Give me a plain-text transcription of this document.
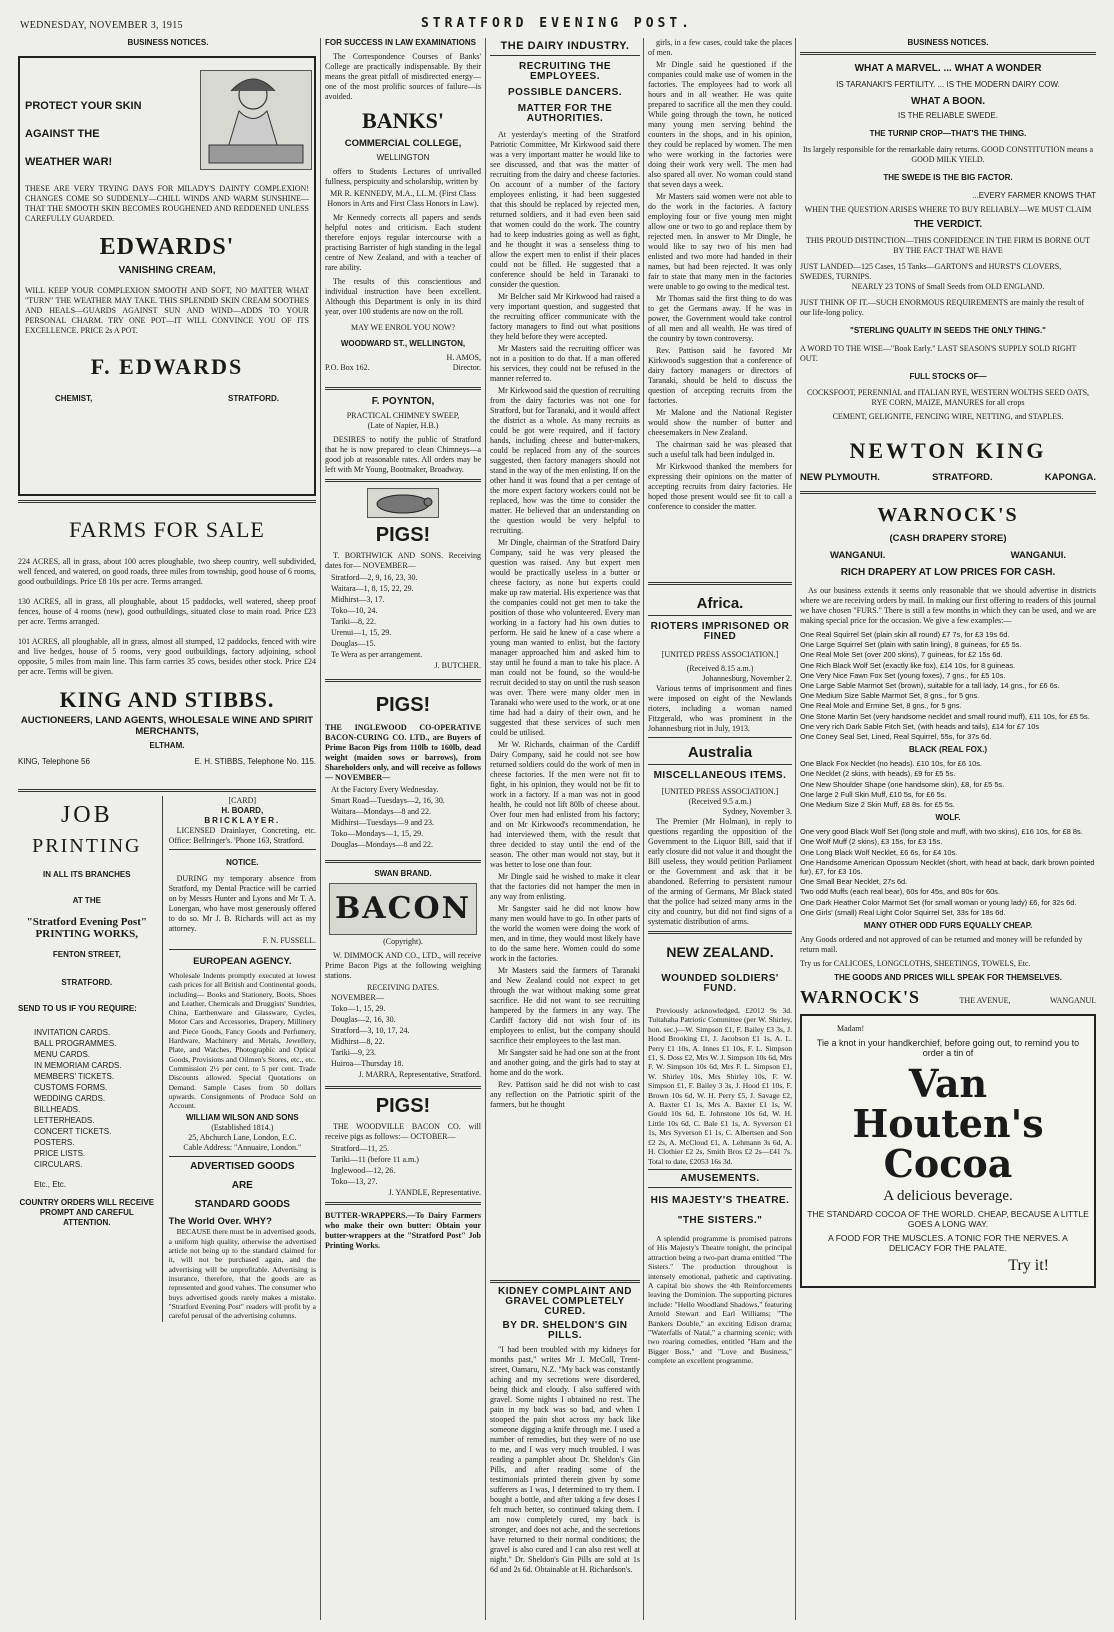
WEDNESDAY, NOVEMBER 3, 1915	STRATFORD EVENING POST.
BUSINESS NOTICES.
PROTECT YOUR SKIN
AGAINST THE
WEATHER WAR!

THESE ARE VERY TRYING DAYS FOR MILADY'S DAINTY COMPLEXION! CHANGES COME SO SUDDENLY—CHILL WINDS AND WARM SUNSHINE—THAT THE SMOOTH SKIN BECOMES ROUGHENED AND REDDENED UNLESS CAREFULLY GUARDED.

EDWARDS'
VANISHING CREAM,

WILL KEEP YOUR COMPLEXION SMOOTH AND SOFT, NO MATTER WHAT "TURN" THE WEATHER MAY TAKE. THIS SPLENDID SKIN CREAM SOOTHES AND HEALS—GUARDS AGAINST SUN AND WIND—ADDS TO YOUR PERSONAL CHARM. TRY ONE POT—IT WILL CONVINCE YOU OF ITS EXCELLENCE. PRICE 2s A POT.

F. EDWARDS
CHEMIST,	STRATFORD.
FARMS FOR SALE

224 ACRES, all in grass, about 100 acres ploughable, two sheep country, well subdivided, well fenced, and watered, on good roads, three miles from township, good house of 6 rooms, good outbuildings. Price £8 10s per acre. Terms arranged.

130 ACRES, all in grass, all ploughable, about 15 paddocks, well watered, sheep proof fences, house of 4 rooms (new), good outbuildings, situated close to main road. Price £23 per acre. Terms arranged.

101 ACRES, all ploughable, all in grass, almost all stumped, 12 paddocks, fenced with wire and live hedges, house of 5 rooms, very good outbuildings, factory adjoining, school opposite, 5 miles from main line. This farm carries 35 cows, besides other stock. Price £24 per acre. Terms will be given.

KING AND STIBBS.
AUCTIONEERS, LAND AGENTS, WHOLESALE WINE AND SPIRIT MERCHANTS,
ELTHAM.
KING, Telephone 56	E. H. STIBBS, Telephone No. 115.
JOB
PRINTING
IN ALL ITS BRANCHES
AT THE
"Stratford Evening Post" PRINTING WORKS,
FENTON STREET,
STRATFORD.
SEND TO US IF YOU REQUIRE:
INVITATION CARDS.
BALL PROGRAMMES.
MENU CARDS.
IN MEMORIAM CARDS.
MEMBERS' TICKETS.
CUSTOMS FORMS.
WEDDING CARDS.
BILLHEADS.
LETTERHEADS.
CONCERT TICKETS.
POSTERS.
PRICE LISTS.
CIRCULARS.
Etc., Etc.
COUNTRY ORDERS WILL RECEIVE PROMPT AND CAREFUL ATTENTION.
[CARD]
H. BOARD,
BRICKLAYER.

LICENSED Drainlayer, Concreting, etc. Office: Bellringer's. 'Phone 163, Stratford.

NOTICE.

DURING my temporary absence from Stratford, my Dental Practice will be carried on by Messrs Hunter and Lyons and Mr T. A. Lonergan, who have most generously offered to do so. Mr J. B. Richards will act as my attorney.

F. N. FUSSELL.
EUROPEAN AGENCY.

Wholesale Indents promptly executed at lowest cash prices for all British and Continental goods, including— Books and Stationery, Boots, Shoes and Leather, Chemicals and Druggists' Sundries, China, Earthenware and Glassware, Cycles, Motor Cars and Accessories, Drapery, Millinery and Piece Goods, Fancy Goods and Perfumery, Hardware, Machinery and Metals, Jewellery, Plate, and Watches, Photographic and Optical Goods, Provisions and Oilmen's Stores, etc., etc. Commission 2½ per cent. to 5 per cent. Trade Discounts allowed. Special Quotations on Demand. Sample Cases from 50 dollars upwards. Consignments of Produce Sold on Account.

WILLIAM WILSON AND SONS
(Established 1814.)
25, Abchurch Lane, London, E.C.
Cable Address: "Annuaire, London."
ADVERTISED GOODS
ARE
STANDARD GOODS
The World Over. WHY?

BECAUSE there must be in advertised goods, a uniform high quality, otherwise the advertised article not being up to the standard claimed for it, will not be purchased again, and the advertising will be unprofitable. Advertising is insurance, therefore, that the goods are as represented and good values. The consumer who buys advertised goods rarely makes a mistake. "Stratford Evening Post" readers will profit by a careful perusal of the advertising columns.

FOR SUCCESS IN LAW EXAMINATIONS

The Correspondence Courses of Banks' College are practically indispensable. By their means the great pitfall of misdirected energy—one of the most prolific sources of failure—is avoided.

BANKS'
COMMERCIAL COLLEGE,
WELLINGTON

offers to Students Lectures of unrivalled fullness, perspicuity and scholarship, written by

MR R. KENNEDY, M.A., LL.M. (First Class Honors in Arts and First Class Honors in Law).

Mr Kennedy corrects all papers and sends helpful notes and criticism. Each student therefore enjoys regular intercourse with a practising Barrister of high standing in the legal centre of New Zealand, and with a teacher of rare ability.

The results of this conscientious and individual instruction have been excellent. Although this Department is only in its third year, over 100 students are now on the roll.

MAY WE ENROL YOU NOW?
WOODWARD ST., WELLINGTON,
H. AMOS,
P.O. Box 162.	Director.
F. POYNTON,
PRACTICAL CHIMNEY SWEEP,
(Late of Napier, H.B.)

DESIRES to notify the public of Stratford that he is now prepared to clean Chimneys—a good job at reasonable rates. All orders may be left with Mr Young, Bootmaker, Broadway.

PIGS!

T. BORTHWICK AND SONS. Receiving dates for— NOVEMBER—

Stratford—2, 9, 16, 23, 30.
Waitara—1, 8, 15, 22, 29.
Midhirst—3, 17.
Toko—10, 24.
Tariki—8, 22.
Urenui—1, 15, 29.
Douglas—15.
Te Wera as per arrangement.
J. BUTCHER.
PIGS!

THE INGLEWOOD CO-OPERATIVE BACON-CURING CO. LTD., are Buyers of Prime Bacon Pigs from 110lb to 160lb, dead weight (maiden sows or barrows), from Shareholders only, and will receive as follows— NOVEMBER—

At the Factory Every Wednesday.
Smart Road—Tuesdays—2, 16, 30.
Waitara—Mondays—8 and 22.
Midhirst—Tuesdays—9 and 23.
Toko—Mondays—1, 15, 29.
Douglas—Mondays—8 and 22.
SWAN BRAND.
BACON
(Copyright).

W. DIMMOCK AND CO., LTD., will receive Prime Bacon Pigs at the following weighing stations.

RECEIVING DATES.
NOVEMBER—
Toko—1, 15, 29.
Douglas—2, 16, 30.
Stratford—3, 10, 17, 24.
Midhirst—8, 22.
Tariki—9, 23.
Huiroa—Thursday 18.
J. MARRA, Representative, Stratford.
PIGS!

THE WOODVILLE BACON CO. will receive pigs as follows:— OCTOBER—

Stratford—11, 25.
Tariki—11 (before 11 a.m.)
Inglewood—12, 26.
Toko—13, 27.
J. YANDLE, Representative.

BUTTER-WRAPPERS.—To Dairy Farmers who make their own butter: Obtain your butter-wrappers at the "Stratford Post" Job Printing Works.

THE DAIRY INDUSTRY.
RECRUITING THE EMPLOYEES.
POSSIBLE DANCERS.
MATTER FOR THE AUTHORITIES.

At yesterday's meeting of the Stratford Patriotic Committee, Mr Kirkwood said there was a very important matter he would like to see discussed, and that was the matter of recruiting from the dairy and cheese factories. On account of a number of the factory employees enlisting, it had been suggested that this should be replaced by rejected men, returned soldiers, and it had even been said that women could do the work. The country had to keep industries going as well as fight, and he thought it was a senseless thing to allow the expert men to enlist if their places could not be filled. He suggested that a conference should be held in Taranaki to consider the question.

Mr Belcher said Mr Kirkwood had raised a very important question, and suggested that the recruiting officer communicate with the factory managers to find out what positions they held before they were accepted.

Mr Masters said the recruiting officer was not in a position to do that. If a man offered his services, they could not be refused in the manner referred to.

Mr Kirkwood said the question of recruiting from the dairy factories was not one for Stratford, but for Taranaki, and it would affect the district as a whole. As many recruits as could be got were required, and if factory hands, including cheese and butter-makers, could be replaced from any of the sources suggested, then factory managers should not stand in the way of the men enlisting. If on the other hand it was found that a per centage of the more expert factory workers could not be replaced, how was the time to consider the matter. He believed that an understanding on the question would be very helpful to recruiting.

Mr Dingle, chairman of the Stratford Dairy Company, said he was very pleased the question was raised. Any but expert men would be practically useless in a butter or cheese factory, as none but experts could make up raw material. His experience was that the companies could not get men to take the position of those who volunteered. Every man working in a factory had his own duties to perform. He said he knew of a case where a young man wanted to enlist, but the factory manager approached him and asked him to stay until he found a man to take his place. A man could not be found, so the would-be recruit decided to stay on until the rush season was over. There were many older men in Taranaki who were used to the work, or at one time had had a dairy of their own, and he suggested that these services of such men could be utilised.

Mr W. Richards, chairman of the Cardiff Dairy Company, said he could not see how returned soldiers could do the work of men in cheese factories. If the men were not fit to fight, in his opinion, they would not be fit to work in a factory. If a man was not in good health, he could not lift 80lb of cheese about. Over four men had enlisted from his factory; and on Mr Kirkwood's recommendation, he had interviewed them, with the result that three decided to stay until the end of the season. The other man would not stay, but it was better to lose one than four.

Mr Dingle said he wished to make it clear that the factories did not hamper the men in any way from enlisting.

Mr Sangster said he did not know how many men would have to go. In other parts of the world the women were doing the work of men, and in time, they would most likely have to do the same here. Women could do some work in the factories.

Mr Masters said the farmers of Taranaki and New Zealand could not expect to get through the war without making some great sacrifice. He did not want to see recruiting hampered by the farmers in any way. The Cardiff factory did not wish four of its employees to enlist, but the company should sacrifice their employees to the last man.

Mr Sangster said he had one son at the front and another going, and the girls had to stay at home and do the work.

Rev. Pattison said he did not wish to cast any reflection on the Patriotic spirit of the farmers, but he thought

KIDNEY COMPLAINT AND GRAVEL COMPLETELY CURED.
BY DR. SHELDON'S GIN PILLS.

"I had been troubled with my kidneys for months past," writes Mr J. McColl, Trent-street, Oamaru, N.Z. "My back was constantly aching and my secretions were disordered, being thick and cloudy. I also suffered with gravel. Some nights I obtained no rest. The pain in my back was so bad, and when I stooped the pain shot across my back like someone digging a knife through me. I used a number of remedies, but they were of no use to me, and I was very much troubled. I was reading a pamphlet about Dr. Sheldon's Gin Pills, and after reading some of the testimonials printed therein given by some sufferers as I was, I determined to try them. I bought a bottle, and after taking a few doses I felt much better, so continued taking them. I am now completely cured, my back is stronger, and does not ache, and the secretions have returned to their normal conditions; the gravel is also cured and I can also rest well at night." Dr. Sheldon's Gin Pills are sold at 1s 6d and 2s 6d. Obtainable at H. Richardson's.

girls, in a few cases, could take the places of men.

Mr Dingle said he questioned if the companies could make use of women in the factories. The employees had to work all hours and in all weather. He was quite prepared to sacrifice all the men they could. While going through the town, he noticed many young men serving behind the counters in the shops, and in his opinion, they could be replaced by women. The men who were working in the factories were doing their work very well. The men had also spared all over. No woman could stand that seven days a week.

Mr Masters said women were not able to do the work in the factories. A factory employing four or five young men might allow one or two to go and replace them by rejected men. In answer to Mr Dingle, he would like to say two of his men had enlisted and two more had handed in their names, but had been rejected. It was only fair to state that many men in the factories were unable to go owing to the medical test.

Mr Thomas said the first thing to do was to get the Germans away. If he was in power, the Government would take control of all men and all wealth. He was tired of the country by town controversy.

Rev. Pattison said he favored Mr Kirkwood's suggestion that a conference of dairy factory managers or directors of Taranaki, should be held to discuss the question of accepting recruits from the factories.

Mr Malone and the National Register would show the number of butter and cheesemakers in New Zealand.

The chairman said he was pleased that such a useful talk had been indulged in.

Mr Kirkwood thanked the members for expressing their opinions on the matter of accepting recruits from dairy factories. He hoped those present would see fit to call a conference to consider the matter.

Africa.
RIOTERS IMPRISONED OR FINED
[UNITED PRESS ASSOCIATION.]
(Received 8.15 a.m.)
Johannesburg, November 2.

Various terms of imprisonment and fines were imposed on eight of the Newlands rioters, including a woman named Fitzgerald, who was prominent in the Johannesburg riot in July, 1913.

Australia
MISCELLANEOUS ITEMS.
[UNITED PRESS ASSOCIATION.]
(Received 9.5 a.m.)
Sydney, November 3.

The Premier (Mr Holman), in reply to questions regarding the opposition of the Government to the Liquor Bill, said that if early closure did not value it and thought the Bill useless, they would petition Parliament or the Government and ask that it be abandoned. Referring to persistent rumour of the arming of Germans, Mr Black stated that the police had seized many arms in the city and country, but did not find signs of a systematic distribution of arms.

NEW ZEALAND.
WOUNDED SOLDIERS' FUND.

Previously acknowledged, £2012 9s 3d. Tuitahaha Patriotic Committee (per W. Shirley, hon. sec.)—W. Simpson £1, F. Bailey £3 3s, J. Hood Brooking £1, J. Jacobson £1 1s, A. L. Perry £1 10s, A. Innes £1 10s, F. L. Simpson £1, S. Doss £2, Mrs W. J. Simpson 10s 6d, Mrs F. W. Simpson 10s 6d, Mrs F. L. Simpson £1, W. Shirley 10s, Mrs Shirley 10s, F. W. Simpson £1, F. Bailey 3 3s, J. Hood £1 10s, F. Brown 10s 6d, W. H. Perry £5, J. Savage £2, A. Baxter £1 1s, Mrs A. Baxter £1 1s, W. Gould 10s 6d, E. Johnstone 10s 6d, W. H. Little 10s 6d, C. Bale £1 1s, A. Syverson £1 1s, Mrs Syverson £1 1s, C. Albertsen and Son £2 2s, A. McCloud £1, A. Lehmann 3s 6d, A. H. Clothier £2 2s, Smith Bros £2 2s—£41 7s. Total to date, £2053 16s 3d.

AMUSEMENTS.
HIS MAJESTY'S THEATRE.
"THE SISTERS."

A splendid programme is promised patrons of His Majesty's Theatre tonight, the principal attraction being a two-part drama entitled "The Sisters." The production throughout is intensely emotional, pathetic and captivating. A capital bio shows the 4th Reinforcements leaving the Dominion. The supporting pictures include: "Hello Woodland Shadows," featuring Arnold Stewart and Earl Williams; "The Bankers Double," an exciting Edison drama; "Waterfalls of Natal," a charming scenic; with two roaring comedies, entitled "Ham and the Bigger Boss," and "Love and Business," complete an excellent programme.

BUSINESS NOTICES.
WHAT A MARVEL. ... WHAT A WONDER
IS TARANAKI'S FERTILITY. ... IS THE MODERN DAIRY COW.
WHAT A BOON.
IS THE RELIABLE SWEDE.
THE TURNIP CROP—THAT'S THE THING.
Its largely responsible for the remarkable dairy returns. GOOD CONSTITUTION means a GOOD MILK YIELD.
THE SWEDE IS THE BIG FACTOR.
...EVERY FARMER KNOWS THAT
WHEN THE QUESTION ARISES WHERE TO BUY RELIABLY—WE MUST CLAIM
THE VERDICT.
THIS PROUD DISTINCTION—THIS CONFIDENCE IN THE FIRM IS BORNE OUT BY THE FACT THAT WE HAVE
JUST LANDED—125 Cases, 15 Tanks—GARTON'S and HURST'S CLOVERS, SWEDES, TURNIPS.
NEARLY 23 TONS of Small Seeds from OLD ENGLAND.
JUST THINK OF IT.—SUCH ENORMOUS REQUIREMENTS are mainly the result of our life-long policy.
"STERLING QUALITY IN SEEDS THE ONLY THING."
A WORD TO THE WISE—"Book Early." LAST SEASON'S SUPPLY SOLD RIGHT OUT.
FULL STOCKS OF—
COCKSFOOT, PERENNIAL and ITALIAN RYE, WESTERN WOLTHS SEED OATS, RYE CORN, MAIZE, MANURES for all crops
CEMENT, GELIGNITE, FENCING WIRE, NETTING, and STAPLES.
NEWTON KING
NEW PLYMOUTH.	STRATFORD.	KAPONGA.
WARNOCK'S
(CASH DRAPERY STORE)
WANGANUI.	WANGANUI.
RICH DRAPERY AT LOW PRICES FOR CASH.

As our business extends it seems only reasonable that we should advertise in districts where we are receiving orders by mail. In making our first offering to readers of this journal we have chosen "FURS." There is still a few months in which they can be used, and we are making special price for the occasion. We give a few examples:—

One Real Squirrel Set (plain skin all round) £7 7s, for £3 19s 6d.
One Large Squirrel Set (plain with satin lining), 8 guineas, for £5 5s.
One Real Mole Set (over 200 skins), 7 guineas, for £2 15s 6d.
One Rich Black Wolf Set (exactly like fox), £14 10s, for 8 guineas.
One Very Nice Fawn Fox Set (young foxes), 7 gns., for £5 10s.
One Large Sable Marmot Set (brown), suitable for a tall lady, 14 gns., for £6 6s.
One Medium Size Sable Marmot Set, 8 gns., for 5 gns.
One Real Mole and Ermine Set, 8 gns., for 5 gns.
One Stone Martin Set (very handsome necklet and small round muff), £11 10s, for £5 5s.
One very rich Dark Sable Fitch Set, (with heads and tails), £14 for £7 10s
One Coney Seal Set, Lined, Real Squirrel, 55s, for 37s 6d.
BLACK (REAL FOX.)
One Black Fox Necklet (no heads). £10 10s, for £6 10s.
One Necklet (2 skins, with heads), £9 for £5 5s.
One New Shoulder Shape (one handsome skin), £8, for £5 5s.
One large 2 Full Skin Muff, £10 5s, for £6 5s.
One Medium Size 2 Skin Muff, £8 8s. for £5 5s.
WOLF.
One very good Black Wolf Set (long stole and muff, with two skins), £16 10s, for £8 8s.
One Wolf Muff (2 skins), £3 15s, for £3 15s.
One Long Black Wolf Necklet, £6 6s, for £4 10s.
One Handsome American Opossum Necklet (short, with head at back, dark brown pointed fur), £7, for £3 10s.
One Small Bear Necklet, 27s 6d.
Two odd Muffs (each real bear), 60s for 45s, and 80s for 60s.
One Dark Heather Color Marmot Set (for small woman or young lady) £6, for 32s 6d.
One Girls' (small) Real Light Color Squirrel Set, 33s for 18s 6d.
MANY OTHER ODD FURS EQUALLY CHEAP.
Any Goods ordered and not approved of can be returned and money will be refunded by return mail.
Try us for CALICOES, LONGCLOTHS, SHEETINGS, TOWELS, Etc.
THE GOODS AND PRICES WILL SPEAK FOR THEMSELVES.
WARNOCK'S	THE AVENUE,	WANGANUI.
Madam!
Tie a knot in your handkerchief, before going out, to remind you to order a tin of
Van Houten's
Cocoa
A delicious beverage.
THE STANDARD COCOA OF THE WORLD. CHEAP, BECAUSE A LITTLE GOES A LONG WAY.
A FOOD FOR THE MUSCLES. A TONIC FOR THE NERVES. A DELICACY FOR THE PALATE.
Try it!
